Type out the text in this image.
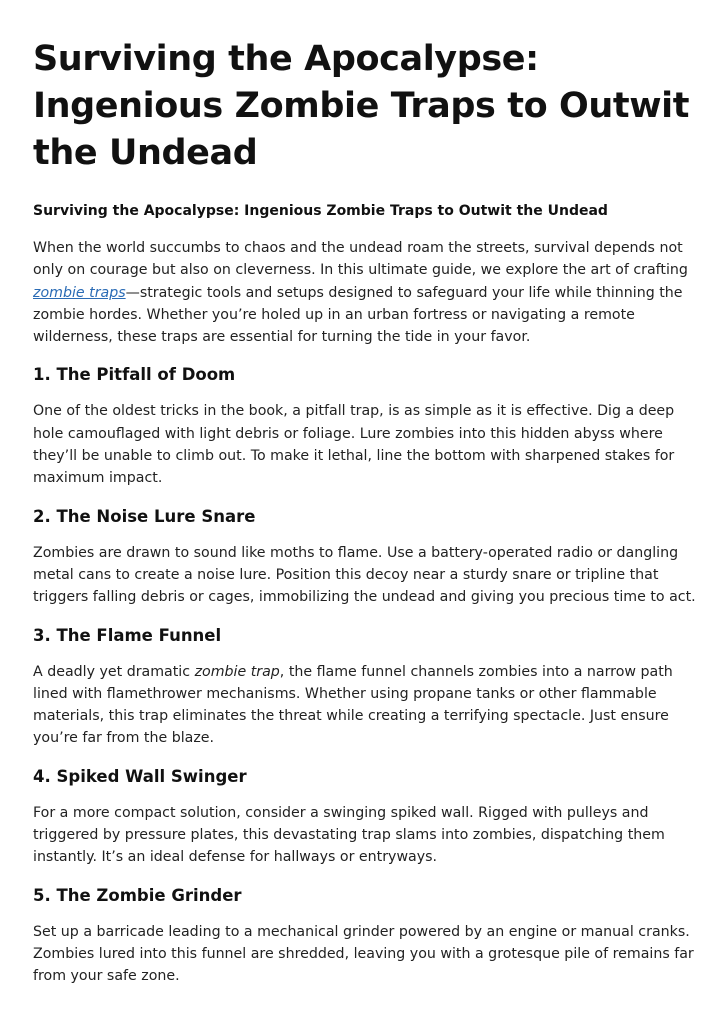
Surviving the Apocalypse: Ingenious Zombie Traps to Outwit the Undead
Surviving the Apocalypse: Ingenious Zombie Traps to Outwit the Undead

When the world succumbs to chaos and the undead roam the streets, survival depends not only on courage but also on cleverness. In this ultimate guide, we explore the art of crafting zombie traps—strategic tools and setups designed to safeguard your life while thinning the zombie hordes. Whether you’re holed up in an urban fortress or navigating a remote wilderness, these traps are essential for turning the tide in your favor.

1. The Pitfall of Doom

One of the oldest tricks in the book, a pitfall trap, is as simple as it is effective. Dig a deep hole camouflaged with light debris or foliage. Lure zombies into this hidden abyss where they’ll be unable to climb out. To make it lethal, line the bottom with sharpened stakes for maximum impact.

2. The Noise Lure Snare

Zombies are drawn to sound like moths to flame. Use a battery-operated radio or dangling metal cans to create a noise lure. Position this decoy near a sturdy snare or tripline that triggers falling debris or cages, immobilizing the undead and giving you precious time to act.

3. The Flame Funnel

A deadly yet dramatic zombie trap, the flame funnel channels zombies into a narrow path lined with flamethrower mechanisms. Whether using propane tanks or other flammable materials, this trap eliminates the threat while creating a terrifying spectacle. Just ensure you’re far from the blaze.

4. Spiked Wall Swinger

For a more compact solution, consider a swinging spiked wall. Rigged with pulleys and triggered by pressure plates, this devastating trap slams into zombies, dispatching them instantly. It’s an ideal defense for hallways or entryways.

5. The Zombie Grinder

Set up a barricade leading to a mechanical grinder powered by an engine or manual cranks. Zombies lured into this funnel are shredded, leaving you with a grotesque pile of remains far from your safe zone.
